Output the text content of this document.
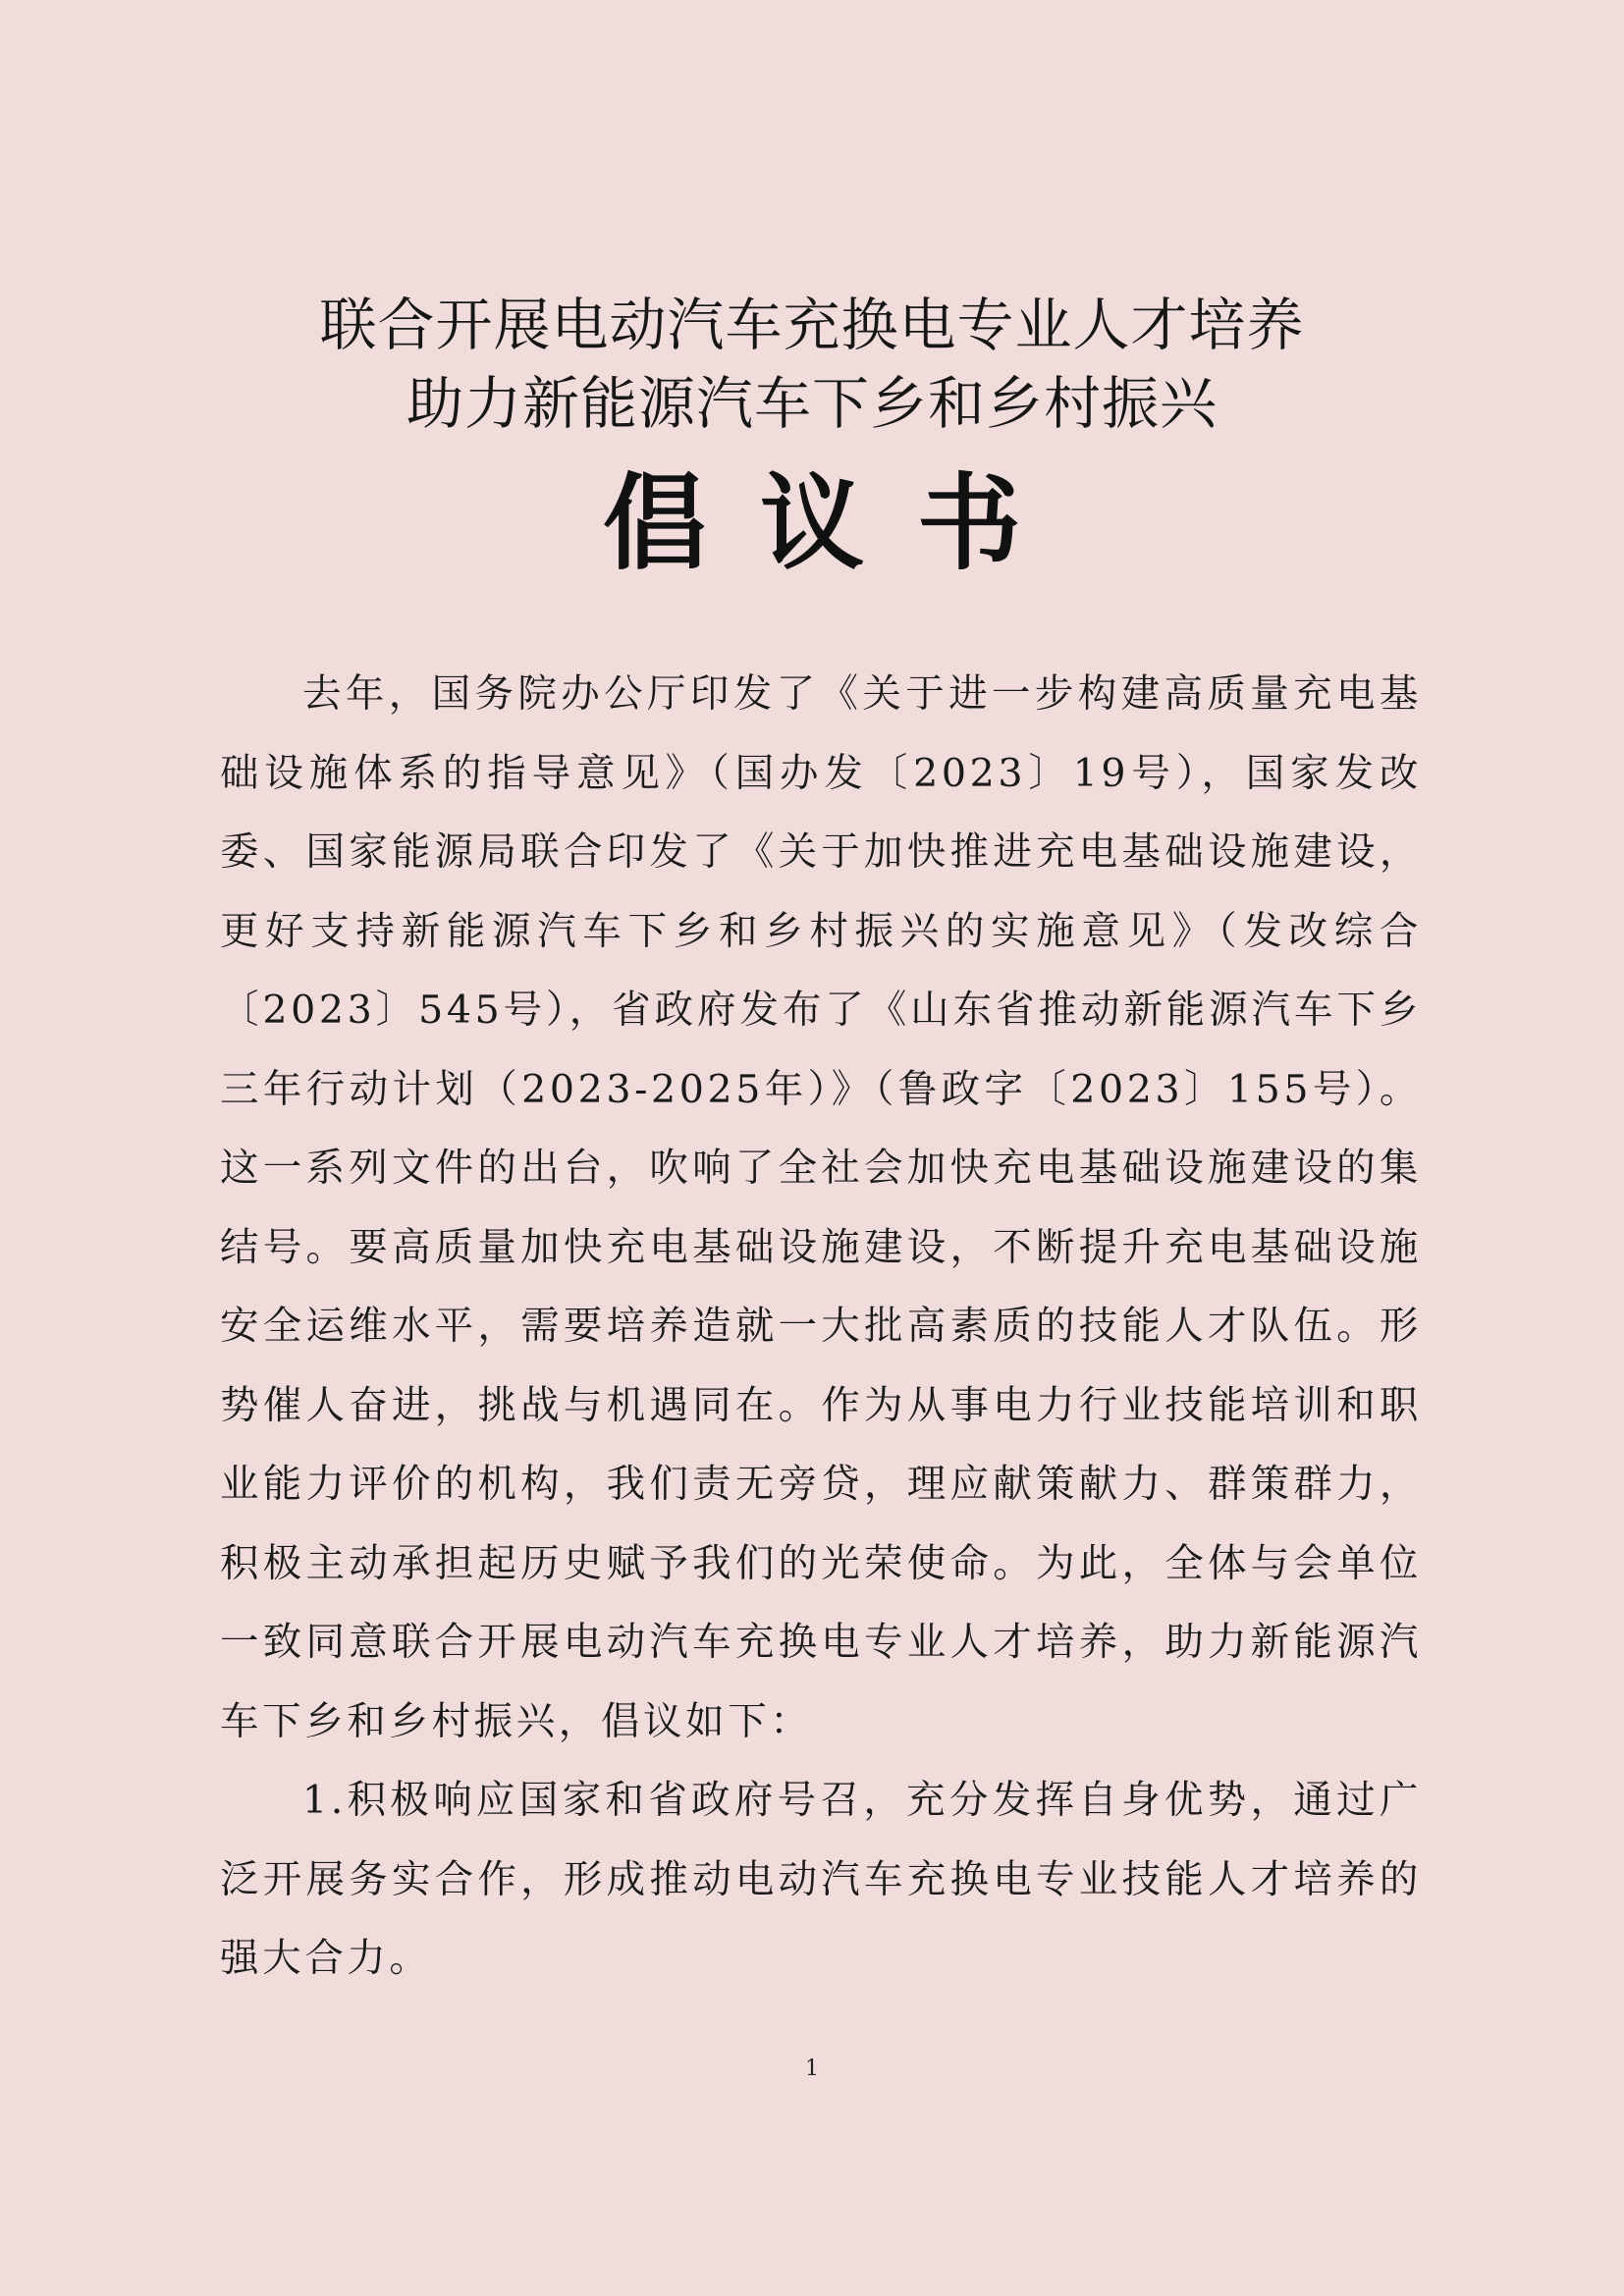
联合开展电动汽车充换电专业人才培养
助力新能源汽车下乡和乡村振兴
倡议书

去年，国务院办公厅印发了《关于进一步构建高质量充电基础设施体系的指导意见》（国办发〔2023〕19号），国家发改委、国家能源局联合印发了《关于加快推进充电基础设施建设，更好支持新能源汽车下乡和乡村振兴的实施意见》（发改综合〔2023〕545号），省政府发布了《山东省推动新能源汽车下乡三年行动计划（2023-2025年）》（鲁政字〔2023〕155号）。这一系列文件的出台，吹响了全社会加快充电基础设施建设的集结号。要高质量加快充电基础设施建设，不断提升充电基础设施安全运维水平，需要培养造就一大批高素质的技能人才队伍。形势催人奋进，挑战与机遇同在。作为从事电力行业技能培训和职业能力评价的机构，我们责无旁贷，理应献策献力、群策群力，积极主动承担起历史赋予我们的光荣使命。为此，全体与会单位一致同意联合开展电动汽车充换电专业人才培养，助力新能源汽车下乡和乡村振兴，倡议如下：

1.积极响应国家和省政府号召，充分发挥自身优势，通过广泛开展务实合作，形成推动电动汽车充换电专业技能人才培养的强大合力。

1
